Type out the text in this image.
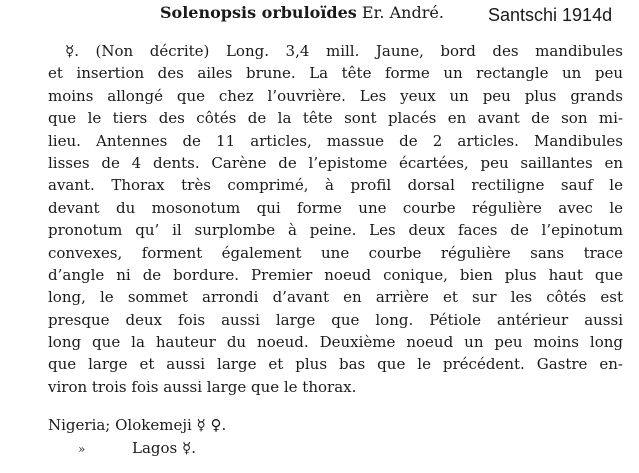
Solenopsis orbuloïdes Er. André. Santschi 1914d
☿. (Non décrite) Long. 3,4 mill. Jaune, bord des mandibules
et insertion des ailes brune. La tête forme un rectangle un peu
moins allongé que chez l’ouvrière. Les yeux un peu plus grands
que le tiers des côtés de la tête sont placés en avant de son mi-
lieu. Antennes de 11 articles, massue de 2 articles. Mandibules
lisses de 4 dents. Carène de l’epistome écartées, peu saillantes en
avant. Thorax très comprimé, à profil dorsal rectiligne sauf le
devant du mosonotum qui forme une courbe régulière avec le
pronotum qu’ il surplombe à peine. Les deux faces de l’epinotum
convexes, forment également une courbe régulière sans trace
d’angle ni de bordure. Premier noeud conique, bien plus haut que
long, le sommet arrondi d’avant en arrière et sur les côtés est
presque deux fois aussi large que long. Pétiole antérieur aussi
long que la hauteur du noeud. Deuxième noeud un peu moins long
que large et aussi large et plus bas que le précédent. Gastre en-
viron trois fois aussi large que le thorax.
Nigeria; Olokemeji ☿ ♀.
»	Lagos ☿.
